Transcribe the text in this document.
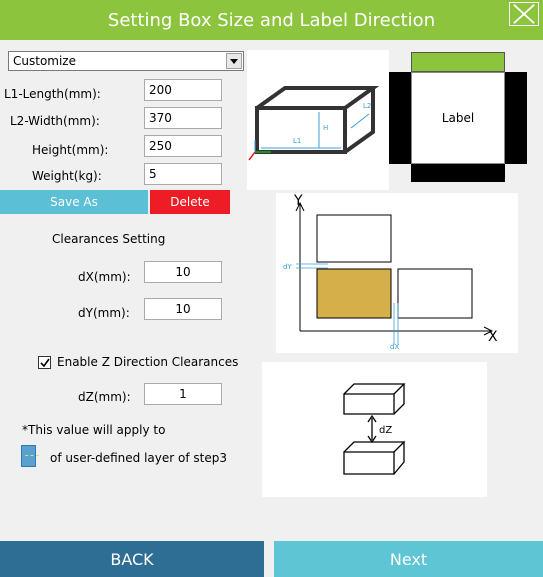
Setting Box Size and Label Direction
Customize
L1-Length(mm):	200
L2-Width(mm):	370
Height(mm):	250
Weight(kg):	5
Save As	Delete
Clearances Setting
dX(mm):	10
dY(mm):	10
Enable Z Direction Clearances
dZ(mm):	1
*This value will apply to
of user-defined layer of step3
L1
H
L2
Label
Y
X
dY
dX
dZ
BACK	Next
